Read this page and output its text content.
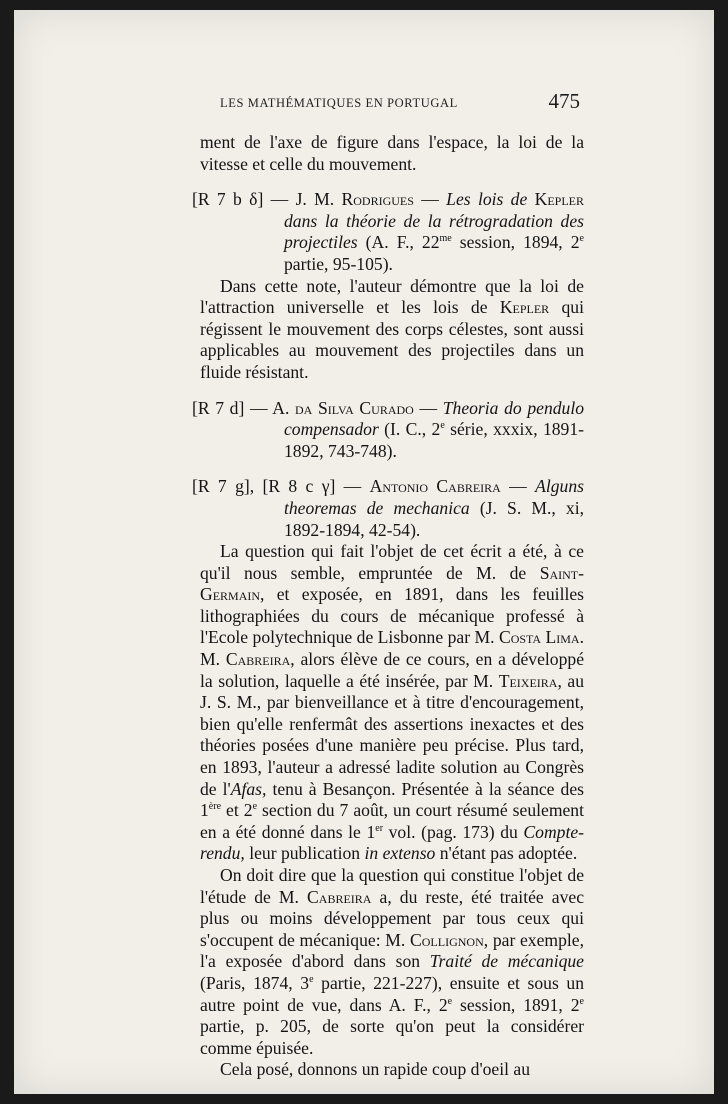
LES MATHÉMATIQUES EN PORTUGAL	475

ment de l'axe de figure dans l'espace, la loi de la vitesse et celle du mouvement.

[R 7 b δ] — J. M. Rodrigues — Les lois de Kepler dans la théorie de la rétrogradation des projectiles (A. F., $22^{me}$ session, 1894, 2e partie, 95-105).

Dans cette note, l'auteur démontre que la loi de l'attraction universelle et les lois de Kepler qui régissent le mouvement des corps célestes, sont aussi applicables au mouvement des projectiles dans un fluide résistant.

[R 7 d] — A. da Silva Curado — Theoria do pendulo compensador (I. C., 2e série, xxxix, 1891-1892, 743-748).

[R 7 g], [R 8 c γ] — Antonio Cabreira — Alguns theoremas de mechanica (J. S. M., xi, 1892-1894, 42-54).

La question qui fait l'objet de cet écrit a été, à ce qu'il nous semble, empruntée de M. de Saint-Germain, et exposée, en 1891, dans les feuilles lithographiées du cours de mécanique professé à l'Ecole polytechnique de Lisbonne par M. Costa Lima. M. Cabreira, alors élève de ce cours, en a développé la solution, laquelle a été insérée, par M. Teixeira, au J. S. M., par bienveillance et à titre d'encouragement, bien qu'elle renfermât des assertions inexactes et des théories posées d'une manière peu précise. Plus tard, en 1893, l'auteur a adressé ladite solution au Congrès de l'Afas, tenu à Besançon. Présentée à la séance des 1ère et 2e section du 7 août, un court résumé seulement en a été donné dans le 1er vol. (pag. 173) du Compte-rendu, leur publication in extenso n'étant pas adoptée.

On doit dire que la question qui constitue l'objet de l'étude de M. Cabreira a, du reste, été traitée avec plus ou moins développement par tous ceux qui s'occupent de mécanique: M. Collignon, par exemple, l'a exposée d'abord dans son Traité de mécanique (Paris, 1874, 3e partie, 221-227), ensuite et sous un autre point de vue, dans A. F., 2e session, 1891, 2e partie, p. 205, de sorte qu'on peut la considérer comme épuisée.

Cela posé, donnons un rapide coup d'oeil au
